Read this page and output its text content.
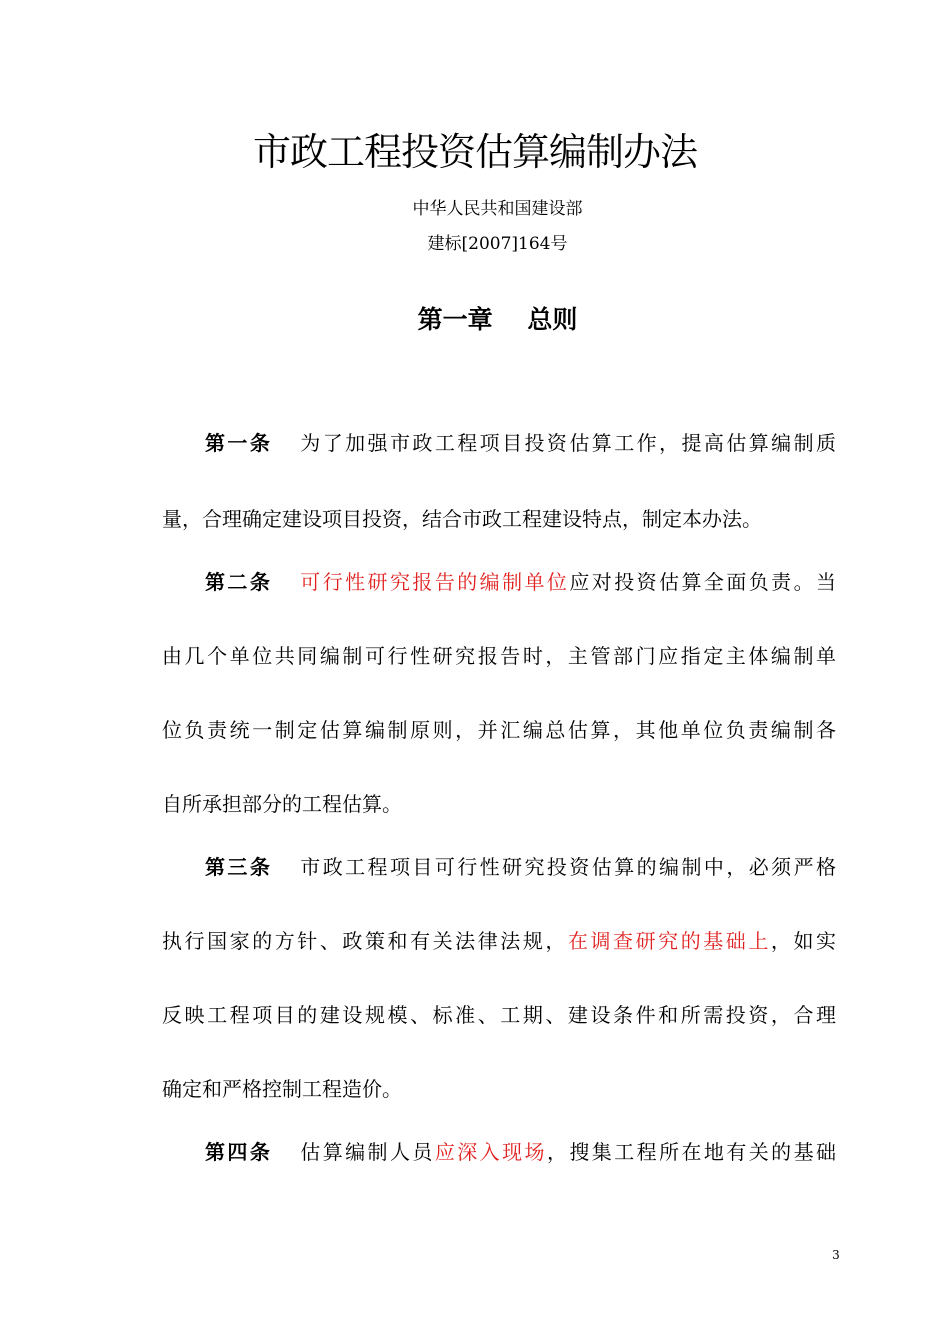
市政工程投资估算编制办法
中华人民共和国建设部
建标[2007]164号
第一章    总则
第一条 为了加强市政工程项目投资估算工作，提高估算编制质
量，合理确定建设项目投资，结合市政工程建设特点，制定本办法。
第二条 可行性研究报告的编制单位应对投资估算全面负责。当
由几个单位共同编制可行性研究报告时，主管部门应指定主体编制单
位负责统一制定估算编制原则，并汇编总估算，其他单位负责编制各
自所承担部分的工程估算。
第三条 市政工程项目可行性研究投资估算的编制中，必须严格
执行国家的方针、政策和有关法律法规，在调查研究的基础上，如实
反映工程项目的建设规模、标准、工期、建设条件和所需投资，合理
确定和严格控制工程造价。
第四条 估算编制人员应深入现场，搜集工程所在地有关的基础
3
